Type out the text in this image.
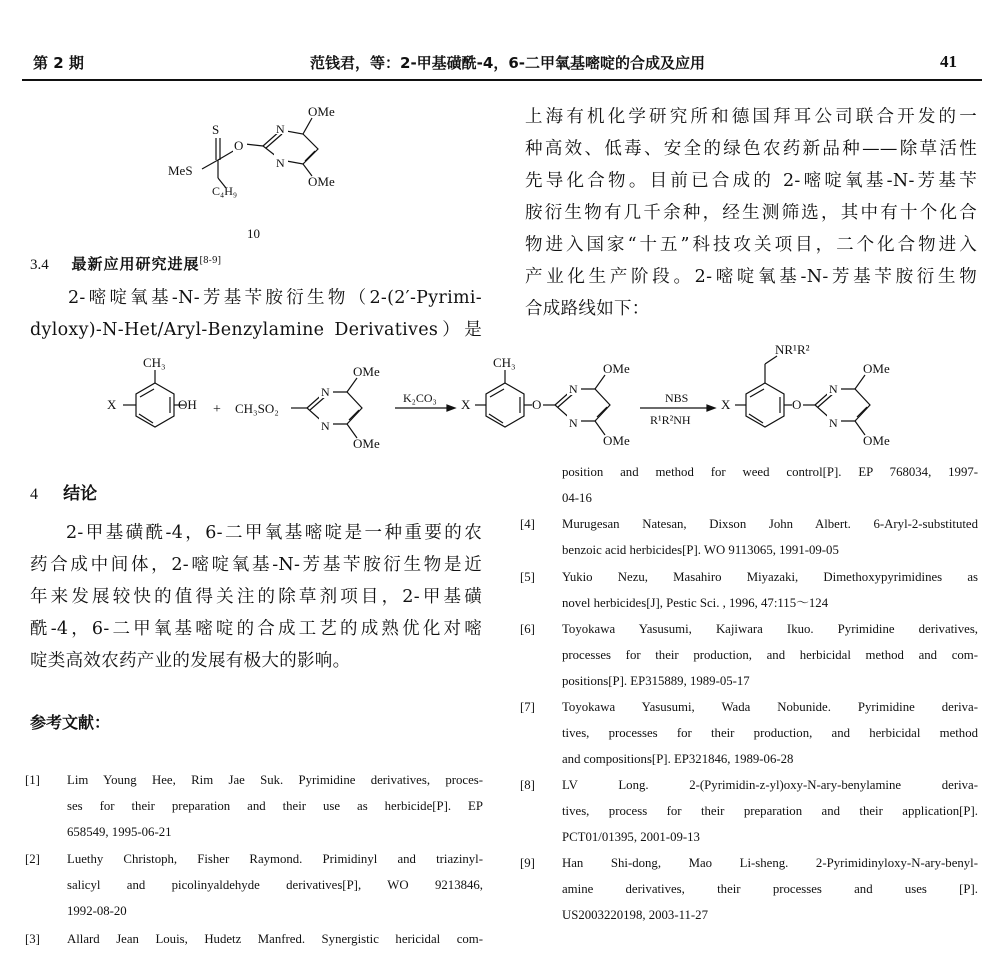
第 2 期	范钱君，等：2-甲基磺酰-4，6-二甲氧基嘧啶的合成及应用	41
S
O
MeS
C₄H₉
N
N
OMe
OMe
10
3.4 最新应用研究进展[8-9]
2-嘧啶氧基-N-芳基苄胺衍生物（2-(2′-Pyrimi-
dyloxy)-N-Het/Aryl-Benzylamine Derivatives）是
上海有机化学研究所和德国拜耳公司联合开发的一
种高效、低毒、安全的绿色农药新品种——除草活性
先导化合物。目前已合成的 2-嘧啶氧基-N-芳基苄
胺衍生物有几千余种，经生测筛选，其中有十个化合
物进入国家“十五”科技攻关项目，二个化合物进入
产业化生产阶段。2-嘧啶氧基-N-芳基苄胺衍生物
合成路线如下：
CH₃
X	OH + CH₃SO₂
N
N
OMe
OMe
K₂CO₃
CH₃
X	O
N
N
OMe
OMe
NBS
R¹R²NH
NR¹R²
X	O
N
N
OMe
OMe
4 结论
2-甲基磺酰-4，6-二甲氧基嘧啶是一种重要的农
药合成中间体，2-嘧啶氧基-N-芳基苄胺衍生物是近
年来发展较快的值得关注的除草剂项目，2-甲基磺
酰-4，6-二甲氧基嘧啶的合成工艺的成熟优化对嘧
啶类高效农药产业的发展有极大的影响。
参考文献：
[1] Lim Young Hee, Rim Jae Suk. Pyrimidine derivatives, proces-
ses for their preparation and their use as herbicide[P]. EP
658549, 1995-06-21
[2] Luethy Christoph, Fisher Raymond. Primidinyl and triazinyl-
salicyl and picolinyaldehyde derivatives[P], WO 9213846,
1992-08-20
[3] Allard Jean Louis, Hudetz Manfred. Synergistic hericidal com-
position and method for weed control[P]. EP 768034, 1997-
04-16
[4] Murugesan Natesan, Dixson John Albert. 6-Aryl-2-substituted
benzoic acid herbicides[P]. WO 9113065, 1991-09-05
[5] Yukio Nezu, Masahiro Miyazaki, Dimethoxypyrimidines as
novel herbicides[J], Pestic Sci. , 1996, 47:115～124
[6] Toyokawa Yasusumi, Kajiwara Ikuo. Pyrimidine derivatives,
processes for their production, and herbicidal method and com-
positions[P]. EP315889, 1989-05-17
[7] Toyokawa Yasusumi, Wada Nobunide. Pyrimidine deriva-
tives, processes for their production, and herbicidal method
and compositions[P]. EP321846, 1989-06-28
[8] LV Long. 2-(Pyrimidin-z-yl)oxy-N-ary-benylamine deriva-
tives, process for their preparation and their application[P].
PCT01/01395, 2001-09-13
[9] Han Shi-dong, Mao Li-sheng. 2-Pyrimidinyloxy-N-ary-benyl-
amine derivatives, their processes and uses [P].
US2003220198, 2003-11-27
